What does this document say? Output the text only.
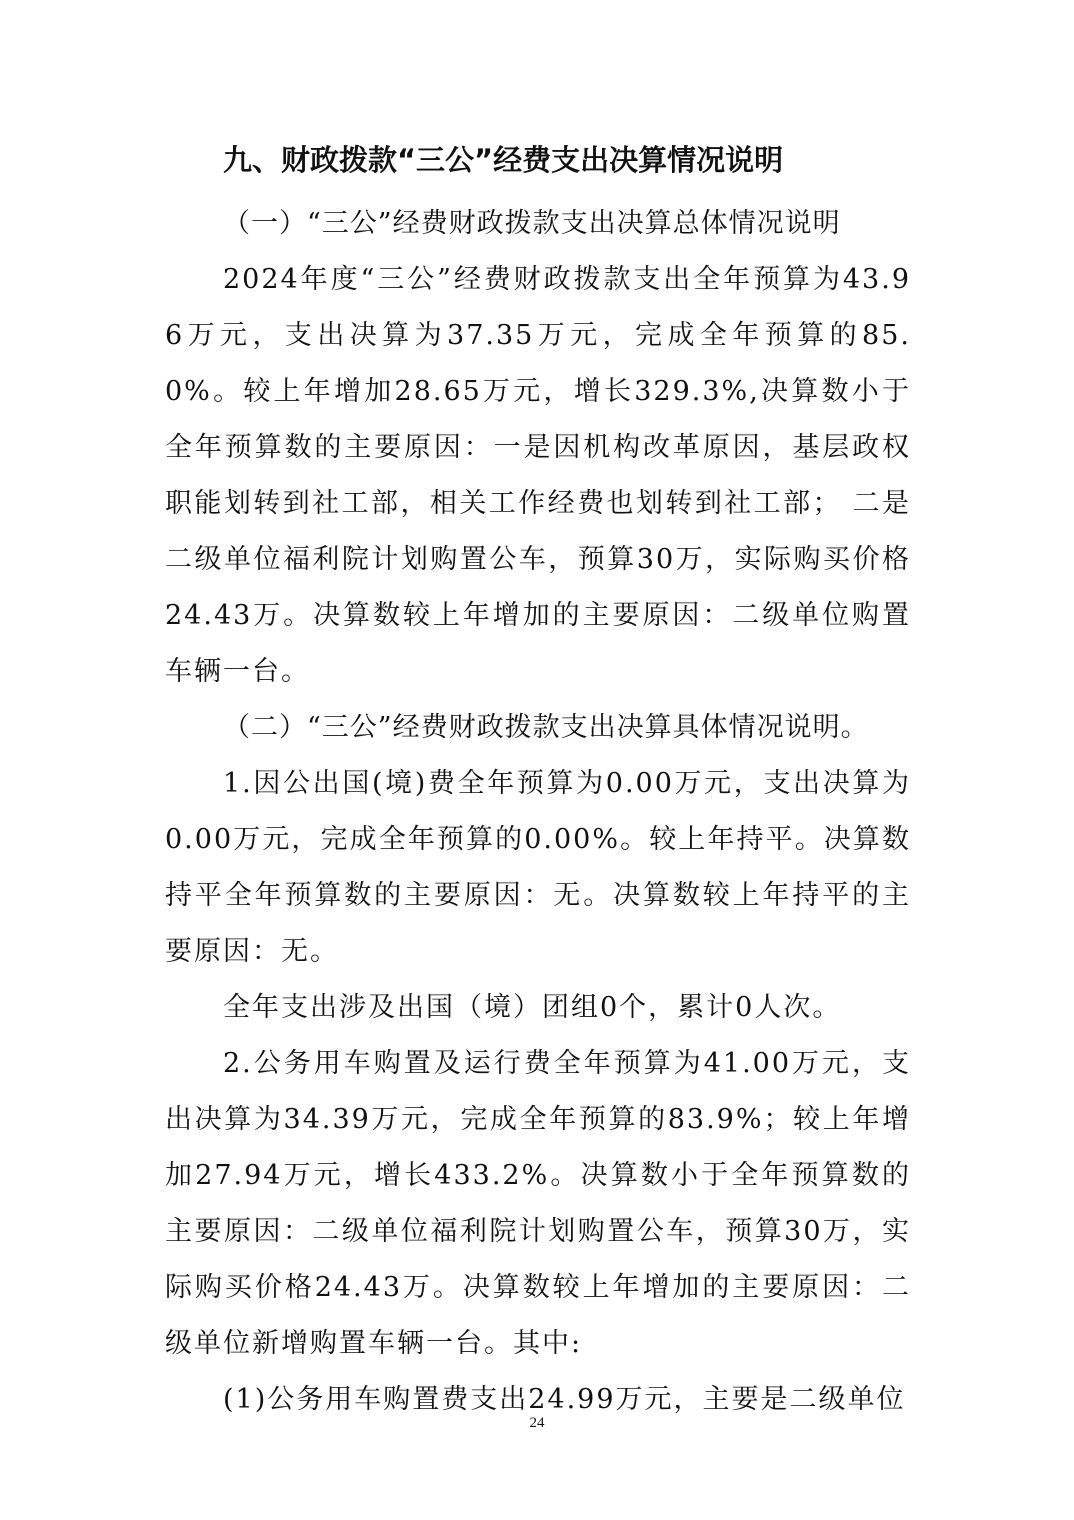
九、财政拨款“三公”经费支出决算情况说明

（一）“三公”经费财政拨款支出决算总体情况说明

2024年度“三公”经费财政拨款支出全年预算为43.96万元，支出决算为37.35万元，完成全年预算的85.0%。较上年增加28.65万元，增长329.3%,决算数小于全年预算数的主要原因：一是因机构改革原因，基层政权职能划转到社工部，相关工作经费也划转到社工部； 二是二级单位福利院计划购置公车，预算30万，实际购买价格24.43万。决算数较上年增加的主要原因：二级单位购置车辆一台。

（二）“三公”经费财政拨款支出决算具体情况说明。

1.因公出国(境)费全年预算为0.00万元，支出决算为0.00万元，完成全年预算的0.00%。较上年持平。决算数持平全年预算数的主要原因：无。决算数较上年持平的主要原因：无。

全年支出涉及出国（境）团组0个，累计0人次。

2.公务用车购置及运行费全年预算为41.00万元，支出决算为34.39万元，完成全年预算的83.9%；较上年增加27.94万元，增长433.2%。决算数小于全年预算数的主要原因：二级单位福利院计划购置公车，预算30万，实际购买价格24.43万。决算数较上年增加的主要原因：二级单位新增购置车辆一台。其中:

(1)公务用车购置费支出24.99万元，主要是二级单位

24
